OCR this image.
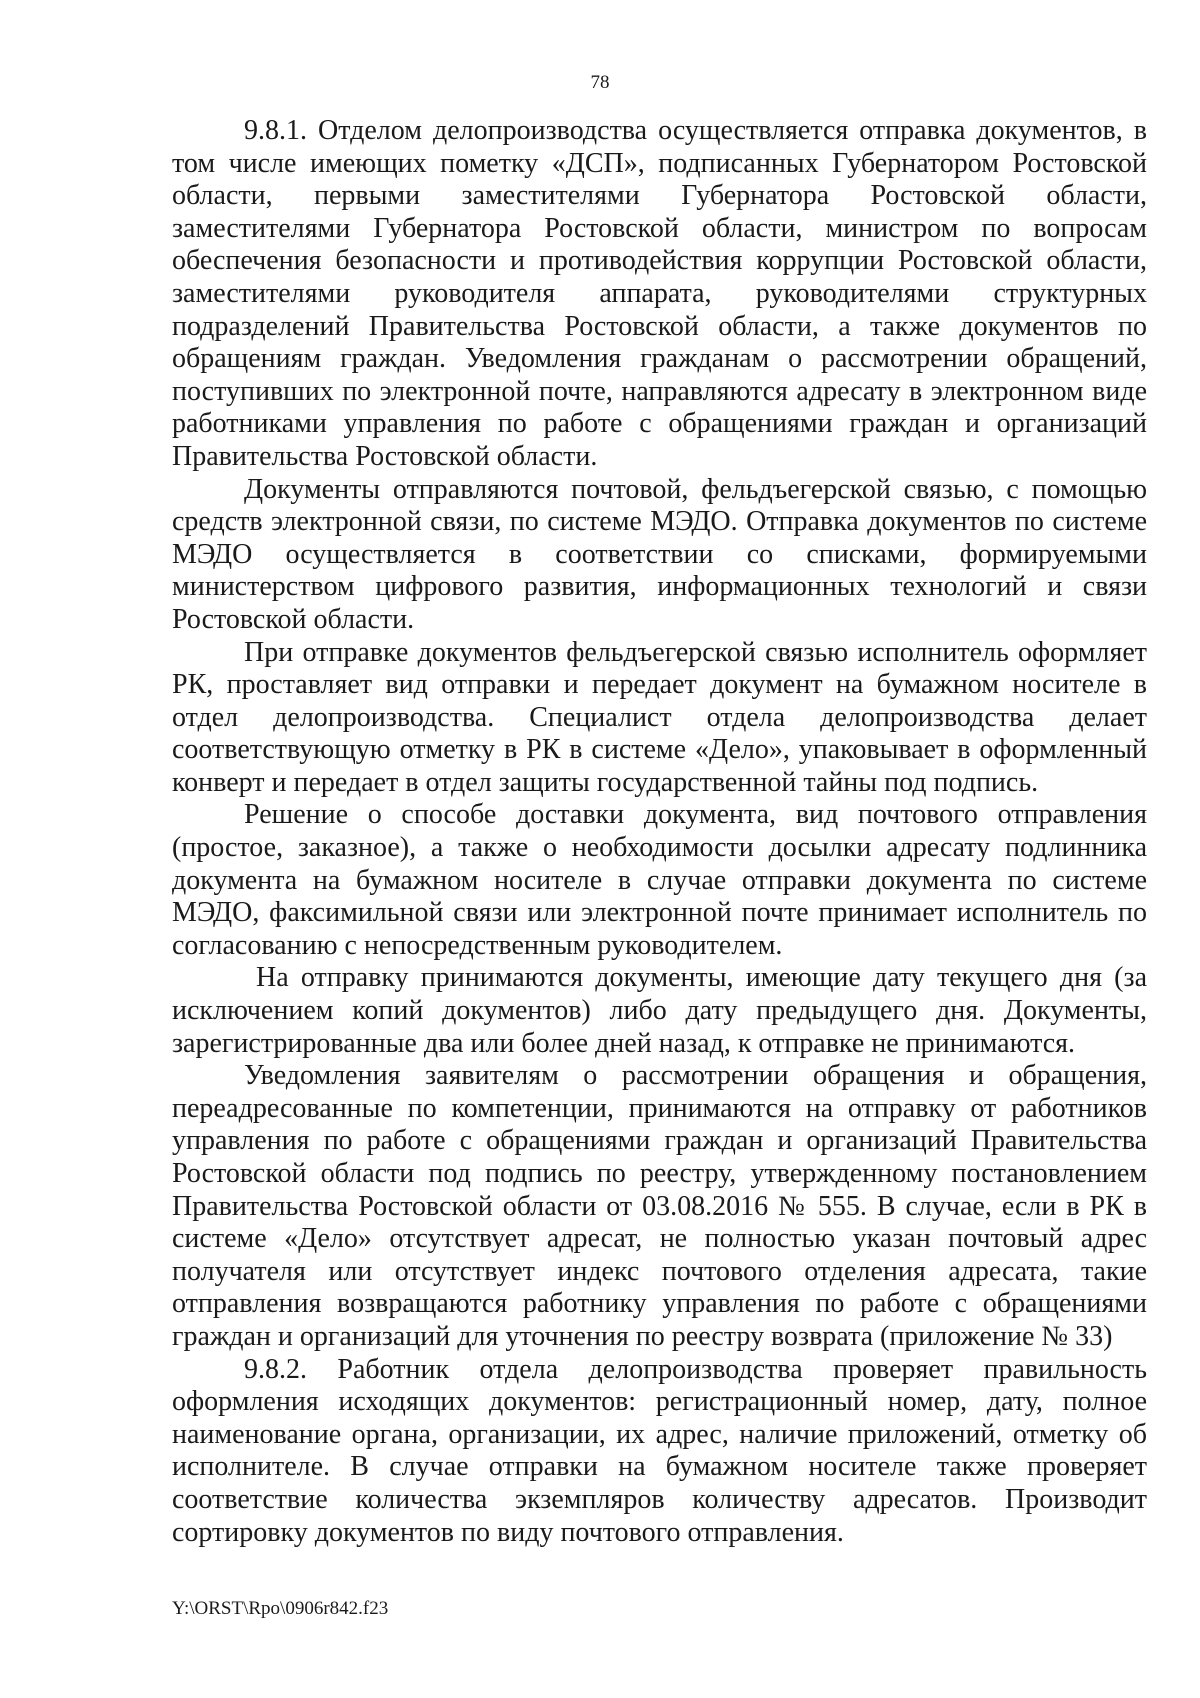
78

9.8.1. Отделом делопроизводства осуществляется отправка документов, в том числе имеющих пометку «ДСП», подписанных Губернатором Ростовской области, первыми заместителями Губернатора Ростовской области, заместителями Губернатора Ростовской области, министром по вопросам обеспечения безопасности и противодействия коррупции Ростовской области, заместителями руководителя аппарата, руководителями структурных подразделений Правительства Ростовской области, а также документов по обращениям граждан. Уведомления гражданам о рассмотрении обращений, поступивших по электронной почте, направляются адресату в электронном виде работниками управления по работе с обращениями граждан и организаций Правительства Ростовской области.

Документы отправляются почтовой, фельдъегерской связью, с помощью средств электронной связи, по системе МЭДО. Отправка документов по системе МЭДО осуществляется в соответствии со списками, формируемыми министерством цифрового развития, информационных технологий и связи Ростовской области.

При отправке документов фельдъегерской связью исполнитель оформляет РК, проставляет вид отправки и передает документ на бумажном носителе в отдел делопроизводства. Специалист отдела делопроизводства делает соответствующую отметку в РК в системе «Дело», упаковывает в оформленный конверт и передает в отдел защиты государственной тайны под подпись.

Решение о способе доставки документа, вид почтового отправления (простое, заказное), а также о необходимости досылки адресату подлинника документа на бумажном носителе в случае отправки документа по системе МЭДО, факсимильной связи или электронной почте принимает исполнитель по согласованию с непосредственным руководителем.

На отправку принимаются документы, имеющие дату текущего дня (за исключением копий документов) либо дату предыдущего дня. Документы, зарегистрированные два или более дней назад, к отправке не принимаются.

Уведомления заявителям о рассмотрении обращения и обращения, переадресованные по компетенции, принимаются на отправку от работников управления по работе с обращениями граждан и организаций Правительства Ростовской области под подпись по реестру, утвержденному постановлением Правительства Ростовской области от 03.08.2016 № 555. В случае, если в РК в системе «Дело» отсутствует адресат, не полностью указан почтовый адрес получателя или отсутствует индекс почтового отделения адресата, такие отправления возвращаются работнику управления по работе с обращениями граждан и организаций для уточнения по реестру возврата (приложение № 33)

9.8.2. Работник отдела делопроизводства проверяет правильность оформления исходящих документов: регистрационный номер, дату, полное наименование органа, организации, их адрес, наличие приложений, отметку об исполнителе. В случае отправки на бумажном носителе также проверяет соответствие количества экземпляров количеству адресатов. Производит сортировку документов по виду почтового отправления.

Y:\ORST\Rpo\0906r842.f23
